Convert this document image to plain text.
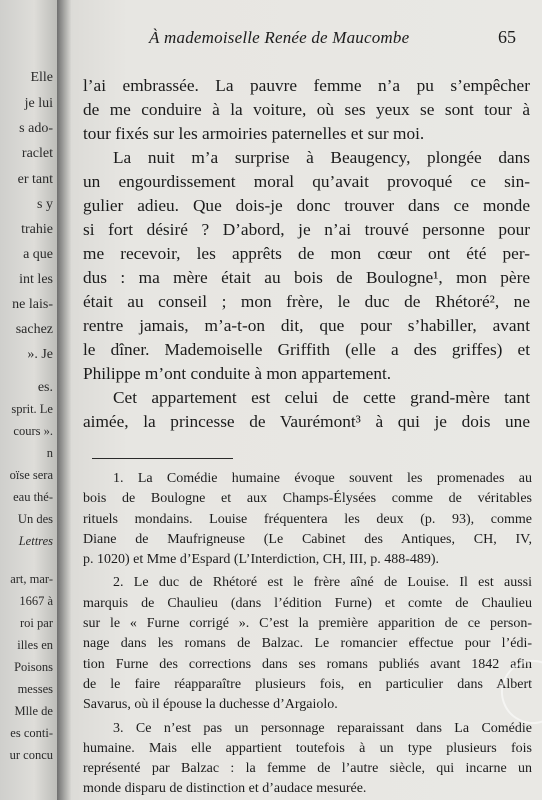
Elle
je lui
s ado-
raclet
er tant
s y
trahie
a que
int les
ne lais-
sachez
». Je
es.
sprit. Le
cours ».
n
oïse sera
eau thé-
Un des
Lettres
art, mar-
1667 à
roi par
illes en
Poisons
messes
Mlle de
es conti-
ur concu
À mademoiselle Renée de Maucombe	65
l’ai embrassée. La pauvre femme n’a pu s’empêcher
de me conduire à la voiture, où ses yeux se sont tour à
tour fixés sur les armoiries paternelles et sur moi.
La nuit m’a surprise à Beaugency, plongée dans
un engourdissement moral qu’avait provoqué ce sin-
gulier adieu. Que dois-je donc trouver dans ce monde
si fort désiré ? D’abord, je n’ai trouvé personne pour
me recevoir, les apprêts de mon cœur ont été per-
dus : ma mère était au bois de Boulogne¹, mon père
était au conseil ; mon frère, le duc de Rhétoré², ne
rentre jamais, m’a-t-on dit, que pour s’habiller, avant
le dîner. Mademoiselle Griffith (elle a des griffes) et
Philippe m’ont conduite à mon appartement.
Cet appartement est celui de cette grand-mère tant
aimée, la princesse de Vaurémont³ à qui je dois une
1. La Comédie humaine évoque souvent les promenades au
bois de Boulogne et aux Champs-Élysées comme de véritables
rituels mondains. Louise fréquentera les deux (p. 93), comme
Diane de Maufrigneuse (Le Cabinet des Antiques, CH, IV,
p. 1020) et Mme d’Espard (L’Interdiction, CH, III, p. 488-489).
2. Le duc de Rhétoré est le frère aîné de Louise. Il est aussi
marquis de Chaulieu (dans l’édition Furne) et comte de Chaulieu
sur le « Furne corrigé ». C’est la première apparition de ce person-
nage dans les romans de Balzac. Le romancier effectue pour l’édi-
tion Furne des corrections dans ses romans publiés avant 1842 afin
de le faire réapparaître plusieurs fois, en particulier dans Albert
Savarus, où il épouse la duchesse d’Argaiolo.
3. Ce n’est pas un personnage reparaissant dans La Comédie
humaine. Mais elle appartient toutefois à un type plusieurs fois
représenté par Balzac : la femme de l’autre siècle, qui incarne un
monde disparu de distinction et d’audace mesurée.
